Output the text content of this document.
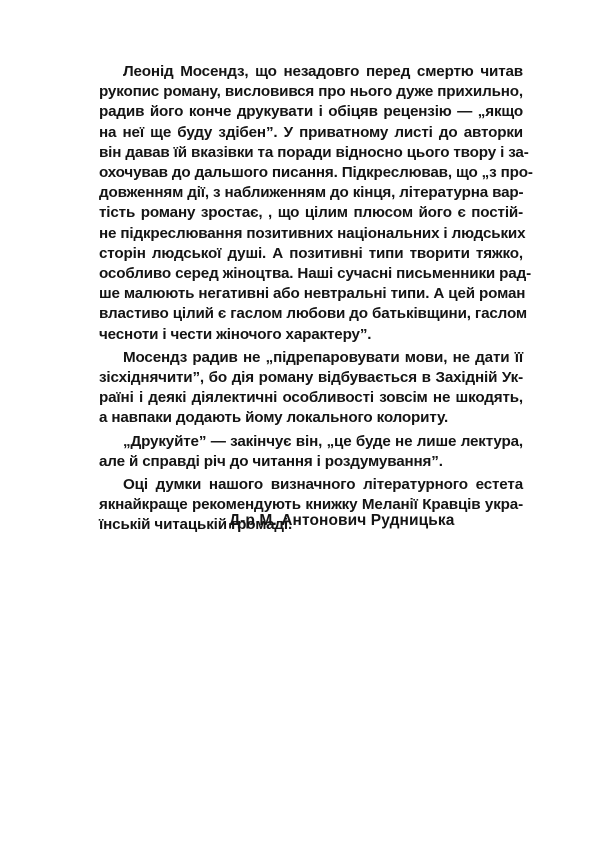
Леонід Мосендз, що незадовго перед смертю читав
рукопис роману, висловився про нього дуже прихильно,
радив його конче друкувати і обіцяв рецензію — „якщо
на неї ще буду здібен”. У приватному листі до авторки
він давав їй вказівки та поради відносно цього твору і за-
охочував до дальшого писання. Підкреслював, що „з про-
довженням дії, з наближенням до кінця, літературна вар-
тість роману зростає, , що цілим плюсом його є постій-
не підкреслювання позитивних національних і людських
сторін людської душі. А позитивні типи творити тяжко,
особливо серед жіноцтва. Наші сучасні письменники рад-
ше малюють негативні або невтральні типи. А цей роман
властиво цілий є гаслом любови до батьківщини, гаслом
чесноти і чести жіночого характеру”.

Мосендз радив не „підрепаровувати мови, не дати її
зісхіднячити”, бо дія роману відбувається в Західній Ук-
раїні і деякі діялектичні особливості зовсім не шкодять,
а навпаки додають йому локального колориту.

„Друкуйте” — закінчує він, „це буде не лише лектура,
але й справді річ до читання і роздумування”.

Оці думки нашого визначного літературного естета
якнайкраще рекомендують книжку Меланії Кравців укра-
їнській читацькій громаді.

Д-р М. Антонович Рудницька
